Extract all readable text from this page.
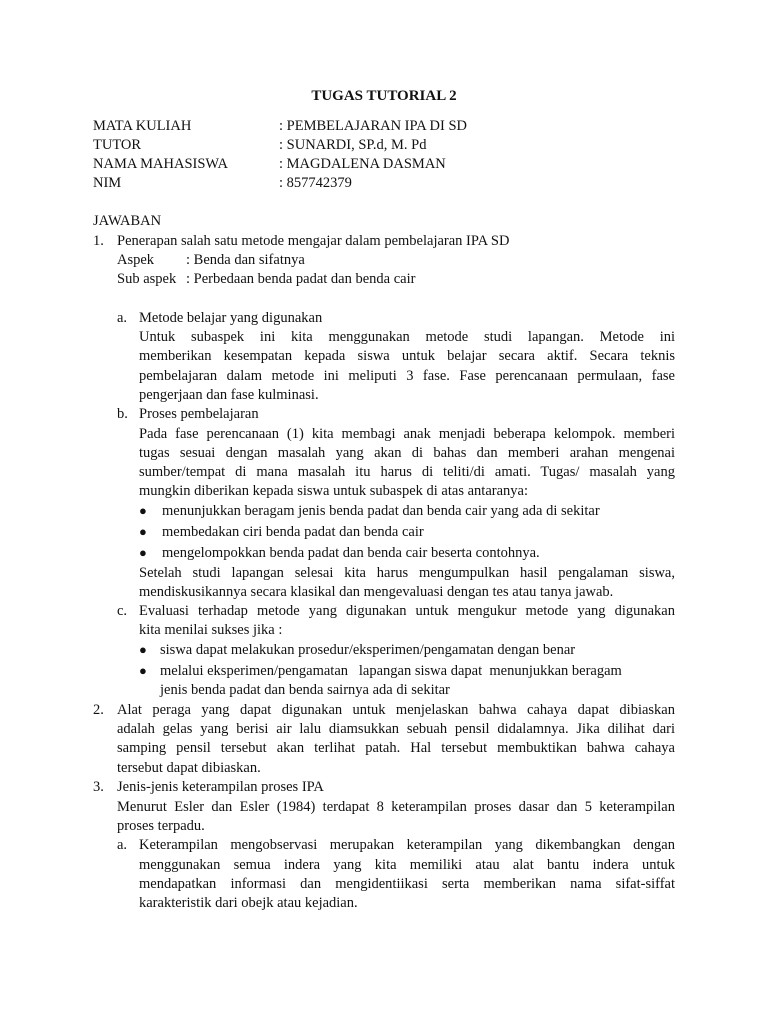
TUGAS TUTORIAL 2
MATA KULIAH	: PEMBELAJARAN IPA DI SD
TUTOR	: SUNARDI, SP.d, M. Pd
NAMA MAHASISWA	: MAGDALENA DASMAN
NIM	: 857742379
JAWABAN
1. Penerapan salah satu metode mengajar dalam pembelajaran IPA SD
Aspek : Benda dan sifatnya
Sub aspek : Perbedaan benda padat dan benda cair
a. Metode belajar yang digunakan
Untuk subaspek ini kita menggunakan metode studi lapangan. Metode ini
memberikan kesempatan kepada siswa untuk belajar secara aktif. Secara teknis
pembelajaran dalam metode ini meliputi 3 fase. Fase perencanaan permulaan, fase
pengerjaan dan fase kulminasi.
b. Proses pembelajaran
Pada fase perencanaan (1) kita membagi anak menjadi beberapa kelompok. memberi
tugas sesuai dengan masalah yang akan di bahas dan memberi arahan mengenai
sumber/tempat di mana masalah itu harus di teliti/di amati. Tugas/ masalah yang
mungkin diberikan kepada siswa untuk subaspek di atas antaranya:
● menunjukkan beragam jenis benda padat dan benda cair yang ada di sekitar
● membedakan ciri benda padat dan benda cair
● mengelompokkan benda padat dan benda cair beserta contohnya.
Setelah studi lapangan selesai kita harus mengumpulkan hasil pengalaman siswa,
mendiskusikannya secara klasikal dan mengevaluasi dengan tes atau tanya jawab.
c. Evaluasi terhadap metode yang digunakan untuk mengukur metode yang digunakan
kita menilai sukses jika :
● siswa dapat melakukan prosedur/eksperimen/pengamatan dengan benar
● melalui eksperimen/pengamatan   lapangan siswa dapat  menunjukkan beragam
jenis benda padat dan benda sairnya ada di sekitar
2. Alat peraga yang dapat digunakan untuk menjelaskan bahwa cahaya dapat dibiaskan
adalah gelas yang berisi air lalu diamsukkan sebuah pensil didalamnya. Jika dilihat dari
samping pensil tersebut akan terlihat patah. Hal tersebut membuktikan bahwa cahaya
tersebut dapat dibiaskan.
3. Jenis-jenis keterampilan proses IPA
Menurut Esler dan Esler (1984) terdapat 8 keterampilan proses dasar dan 5 keterampilan
proses terpadu.
a. Keterampilan mengobservasi merupakan keterampilan yang dikembangkan dengan
menggunakan semua indera yang kita memiliki atau alat bantu indera untuk
mendapatkan informasi dan mengidentiikasi serta memberikan nama sifat-siffat
karakteristik dari obejk atau kejadian.
